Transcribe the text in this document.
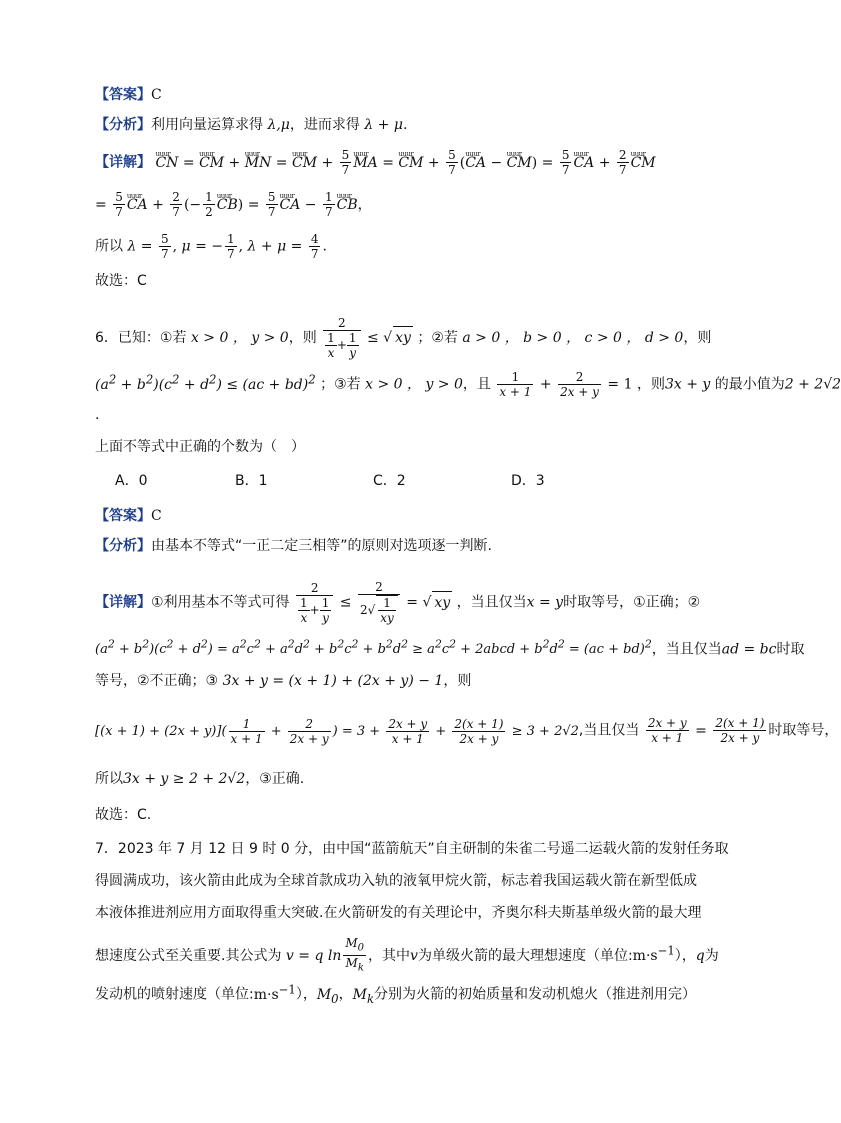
【答案】C
【分析】利用向量运算求得 λ,μ，进而求得 λ + μ.
【详解】 uuur CN = uuur CM + uuur MN = uuur CM + $\frac{5}{7}$ uuur MA = uuur CM + $\frac{5}{7}$ (uuur CA − uuur $CM) = \frac{5}{7}$ uuur CA + $\frac{2}{7}$ uuur CM
= $\frac{5}{7}$ uuur CA + $\frac{2}{7}$ (− $\frac{1}{2}$ uuur $CB) = \frac{5}{7}$ uuur CA − $\frac{1}{7}$ uuur CB，
所以 $\lambda = \frac{5}{7}$ , μ = − $\frac{1}{7}$ , $\lambda + \mu = \frac{4}{7}$ .
故选：C
6．已知：①若 x > 0 ， y > 0，则 $\frac{2}{\frac{1}{x} + \frac{1}{y}}$ ≤ √ xy ；②若 a > 0 ， b > 0 ， c > 0 ， d > 0，则
$(a^2 + b^2)(c^2 + d^2) \le (ac + bd)^2$ ；③若 x > 0 ， y > 0，且 $\frac{1}{x + 1} + \frac{2}{2x + y} = 1$ ，则3x + y 的最小值为2 + 2√2
.
上面不等式中正确的个数为（　）
A．0	B．1	C．2	D．3
【答案】C
【分析】由基本不等式“一正二定三相等”的原则对选项逐一判断.
【详解】①利用基本不等式可得 $\frac{2}{\frac{1}{x} + \frac{1}{y}} \le \frac{2}{2√ \frac{1}{xy}}$ = √ xy ，当且仅当x = y时取等号，①正确；②
$(a^2 + b^2)(c^2 + d^2) = a^2c^2 + a^2d^2 + b^2c^2 + b^2d^2 \ge a^2c^2$ + 2abcd + $b^2d^2 = (ac + bd)^2$，当且仅当ad = bc时取
等号，②不正确；③ 3x + y = (x + 1) + (2x + y) − 1，则
$[(x + 1) + (2x + y)]( \frac{1}{x + 1} + \frac{2}{2x + y}$ ) = $3 + \frac{2x + y}{x + 1} + \frac{2(x + 1)}{2x + y} \ge 3 + 2√2$,当且仅当 $\frac{2x + y}{x + 1} = \frac{2(x + 1)}{2x + y}$ 时取等号，
所以3x + y ≥ 2 + 2√2，③正确.
故选：C.
7．2023 年 7 月 12 日 9 时 0 分，由中国“蓝箭航天”自主研制的朱雀二号遥二运载火箭的发射任务取
得圆满成功，该火箭由此成为全球首款成功入轨的液氧甲烷火箭，标志着我国运载火箭在新型低成
本液体推进剂应用方面取得重大突破.在火箭研发的有关理论中，齐奥尔科夫斯基单级火箭的最大理
想速度公式至关重要.其公式为 v = q $\ln \frac{M_0}{M_k}$ ，其中v为单级火箭的最大理想速度（单位$:m\cdot s^{-1}$），q为
发动机的喷射速度（单位$:m\cdot s^{-1}$），$M_0$，$M_k$分别为火箭的初始质量和发动机熄火（推进剂用完）
